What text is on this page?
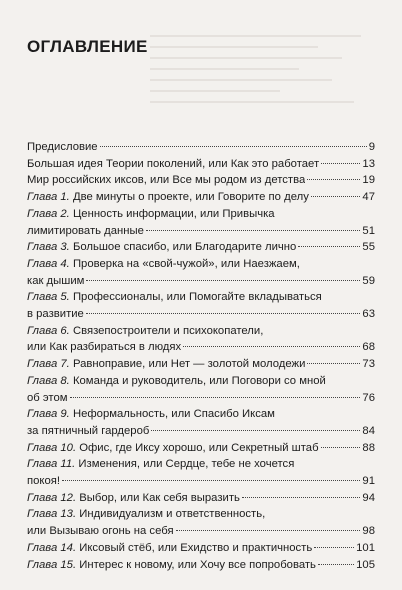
ОГЛАВЛЕНИЕ
Предисловие	9
Большая идея Теории поколений, или Как это работает	13
Мир российских иксов, или Все мы родом из детства	19
Глава 1. Две минуты о проекте, или Говорите по делу	47
Глава 2. Ценность информации, или Привычка
лимитировать данные	51
Глава 3. Большое спасибо, или Благодарите лично	55
Глава 4. Проверка на «свой-чужой», или Наезжаем,
как дышим	59
Глава 5. Профессионалы, или Помогайте вкладываться
в развитие	63
Глава 6. Связепостроители и психокопатели,
или Как разбираться в людях	68
Глава 7. Равноправие, или Нет — золотой молодежи	73
Глава 8. Команда и руководитель, или Поговори со мной
об этом	76
Глава 9. Неформальность, или Спасибо Иксам
за пятничный гардероб	84
Глава 10. Офис, где Иксу хорошо, или Секретный штаб	88
Глава 11. Изменения, или Сердце, тебе не хочется
покоя!	91
Глава 12. Выбор, или Как себя выразить	94
Глава 13. Индивидуализм и ответственность,
или Вызываю огонь на себя	98
Глава 14. Иксовый стёб, или Ехидство и практичность	101
Глава 15. Интерес к новому, или Хочу все попробовать	105
